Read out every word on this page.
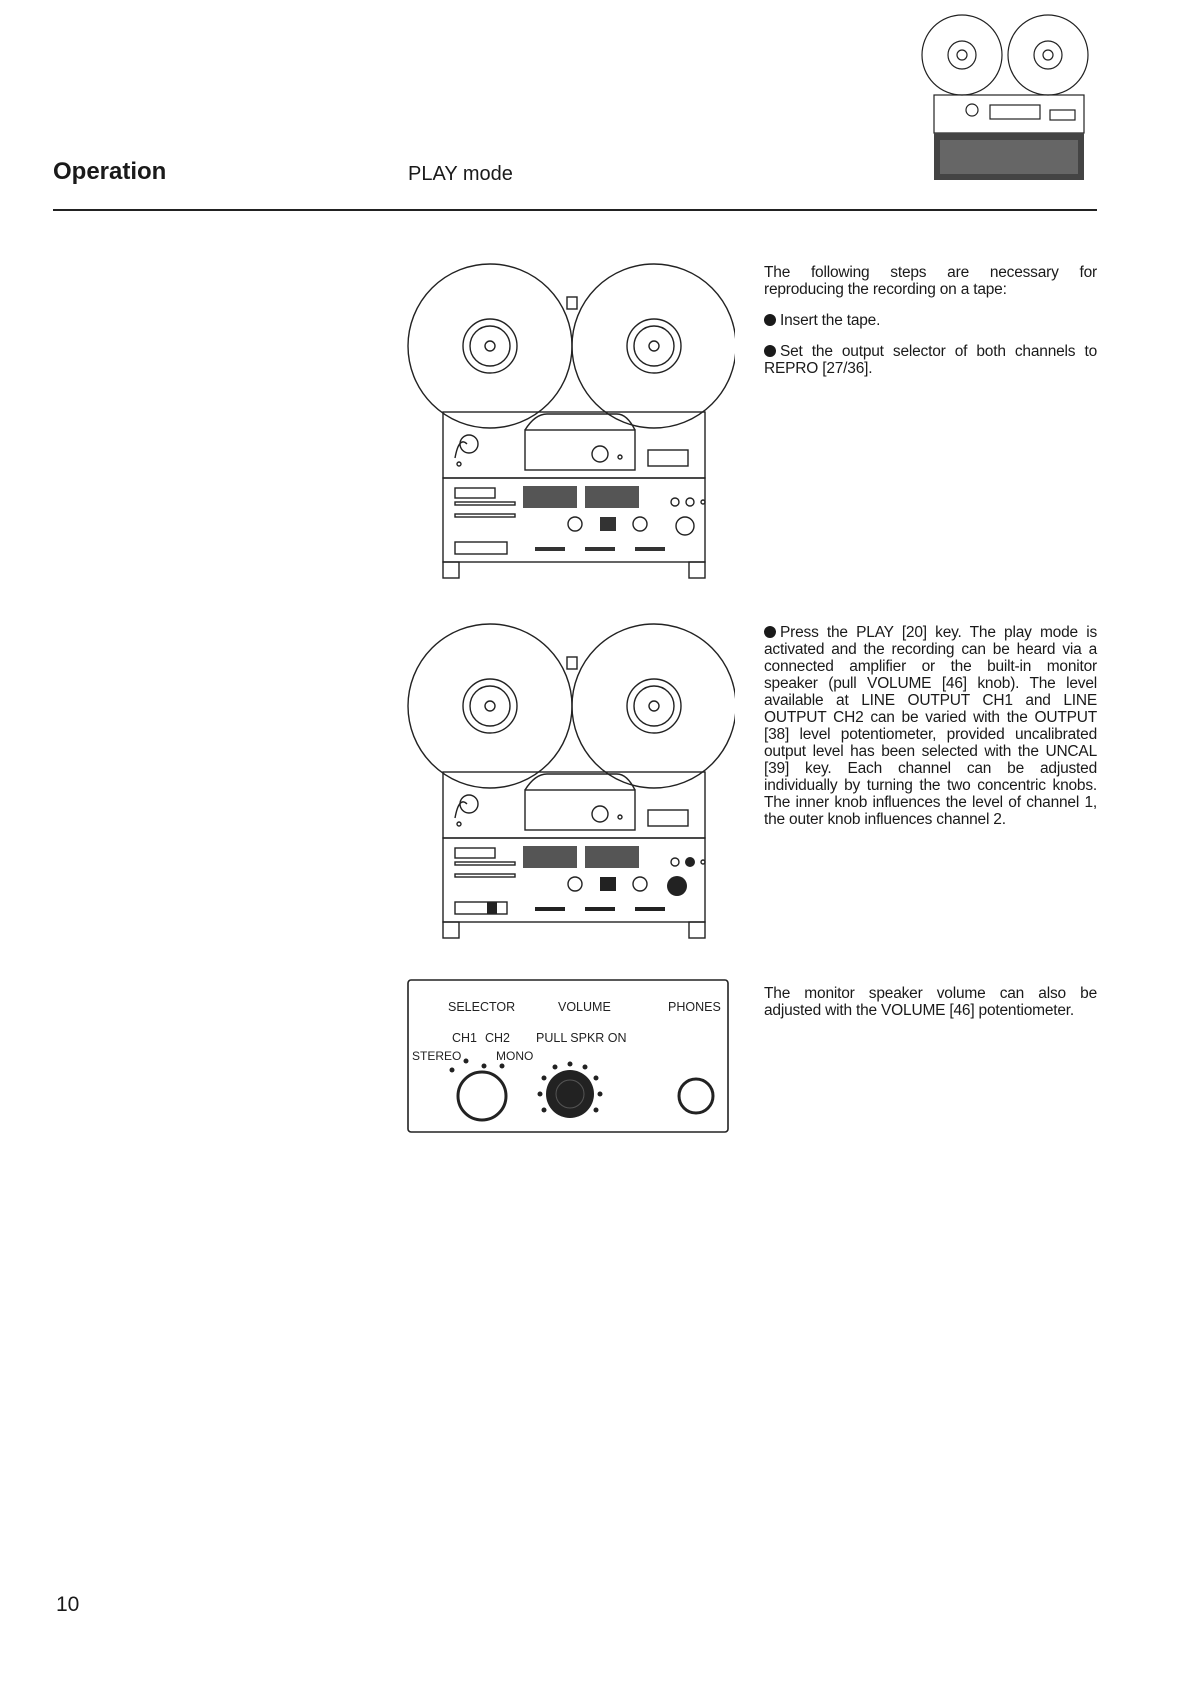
Operation	PLAY mode
SELECTOR	VOLUME	PHONES
CH1 CH2 PULL SPKR ON
STEREO	MONO

The following steps are necessary for reproducing the recording on a tape:

Insert the tape.

Set the output selector of both channels to REPRO [27/36].

Press the PLAY [20] key. The play mode is activated and the recording can be heard via a connected amplifier or the built-in monitor speaker (pull VOLUME [46] knob). The level available at LINE OUTPUT CH1 and LINE OUTPUT CH2 can be varied with the OUTPUT [38] level potentiometer, provided uncalibrated output level has been selected with the UNCAL [39] key. Each channel can be adjusted individually by turning the two concentric knobs. The inner knob influences the level of channel 1, the outer knob influences channel 2.

The monitor speaker volume can also be adjusted with the VOLUME [46] potentiometer.

10
